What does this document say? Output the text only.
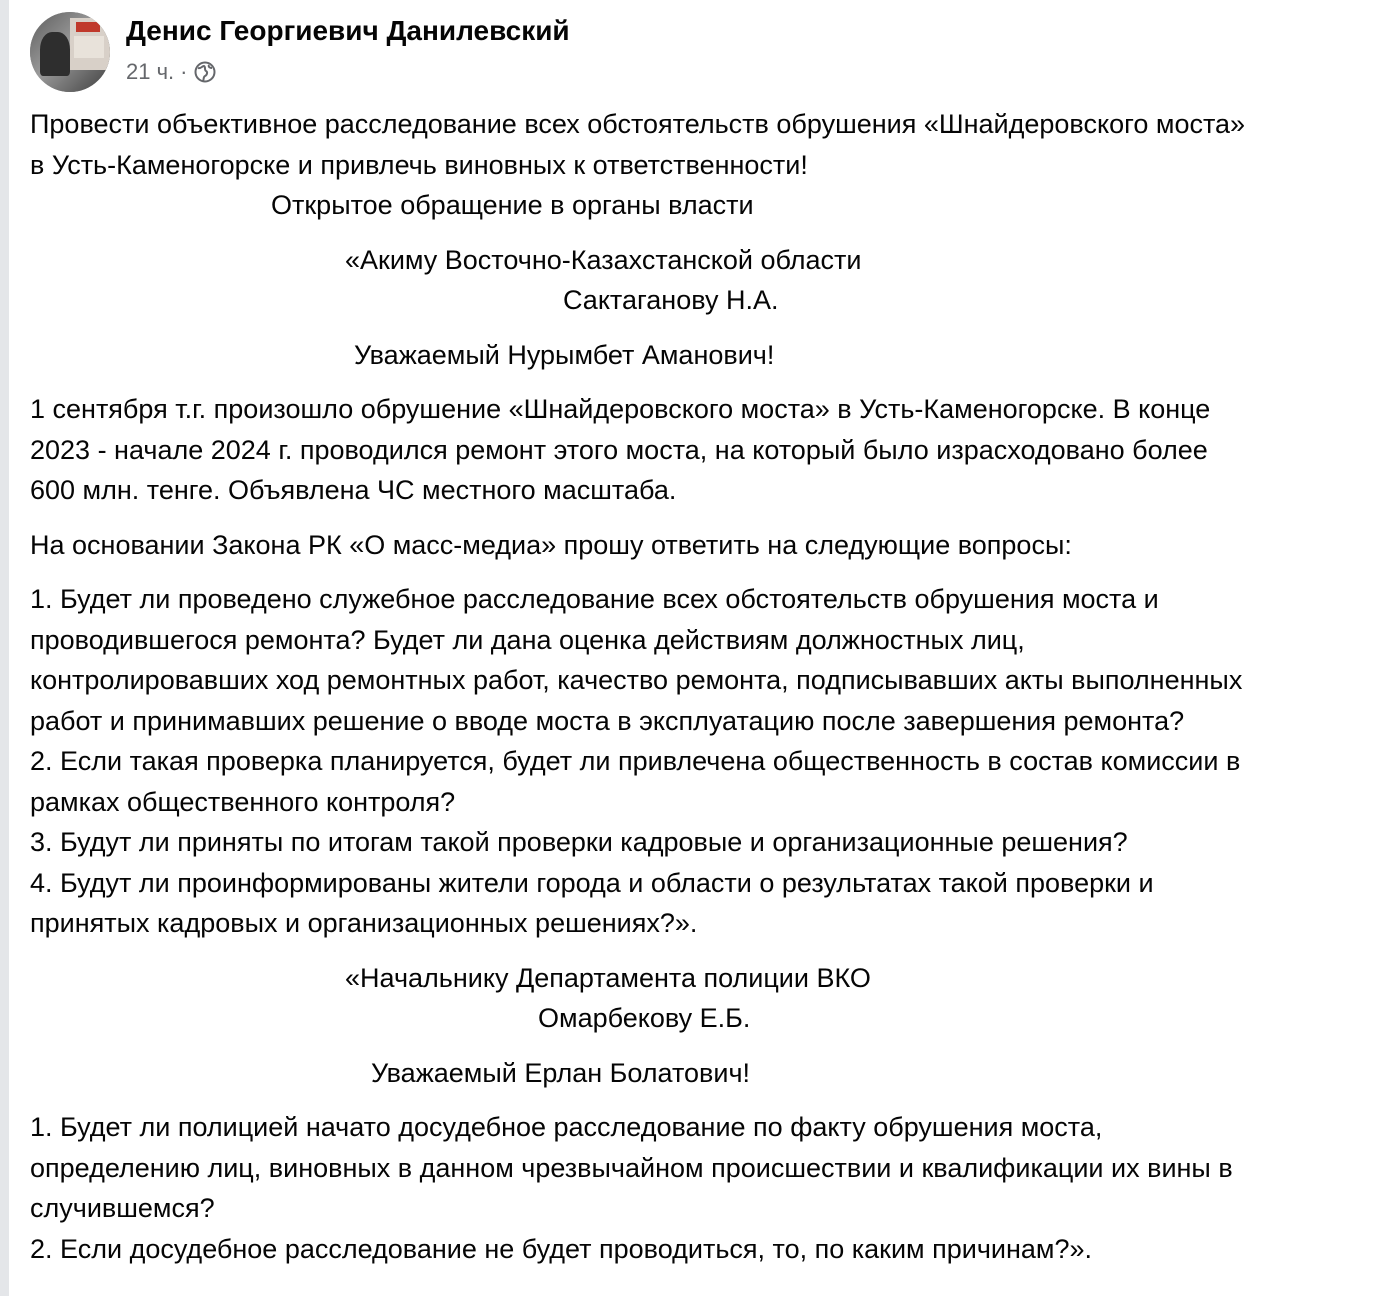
Денис Георгиевич Данилевский
21 ч. ·

Провести объективное расследование всех обстоятельств обрушения «Шнайдеровского моста»

в Усть-Каменогорске и привлечь виновных к ответственности!

Открытое обращение в органы власти

«Акиму Восточно-Казахстанской области

Сактаганову Н.А.

Уважаемый Нурымбет Аманович!

1 сентября т.г. произошло обрушение «Шнайдеровского моста» в Усть-Каменогорске. В конце

2023 - начале 2024 г. проводился ремонт этого моста, на который было израсходовано более

600 млн. тенге. Объявлена ЧС местного масштаба.

На основании Закона РК «О масс-медиа» прошу ответить на следующие вопросы:

1. Будет ли проведено служебное расследование всех обстоятельств обрушения моста и

проводившегося ремонта? Будет ли дана оценка действиям должностных лиц,

контролировавших ход ремонтных работ, качество ремонта, подписывавших акты выполненных

работ и принимавших решение о вводе моста в эксплуатацию после завершения ремонта?

2. Если такая проверка планируется, будет ли привлечена общественность в состав комиссии в

рамках общественного контроля?

3. Будут ли приняты по итогам такой проверки кадровые и организационные решения?

4. Будут ли проинформированы жители города и области о результатах такой проверки и

принятых кадровых и организационных решениях?».

«Начальнику Департамента полиции ВКО

Омарбекову Е.Б.

Уважаемый Ерлан Болатович!

1. Будет ли полицией начато досудебное расследование по факту обрушения моста,

определению лиц, виновных в данном чрезвычайном происшествии и квалификации их вины в

случившемся?

2. Если досудебное расследование не будет проводиться, то, по каким причинам?».
